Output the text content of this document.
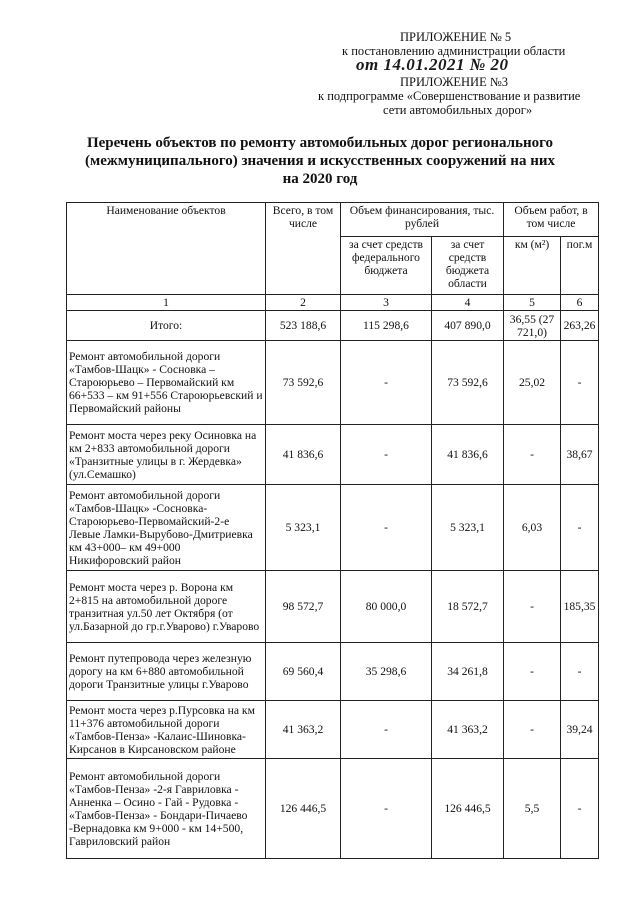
ПРИЛОЖЕНИЕ № 5
к постановлению администрации области
от 14.01.2021 № 20
ПРИЛОЖЕНИЕ №3
к подпрограмме «Совершенствование и развитие
сети автомобильных дорог»
Перечень объектов по ремонту автомобильных дорог регионального
(межмуниципального) значения и искусственных сооружений на них
на 2020 год
Наименование объектов	Всего, в том числе	Объем финансирования, тыс. рублей		Объем работ, в том числе	
		за счет средств федерального бюджета	за счет средств бюджета области	км (м²)	пог.м
1	2	3	4	5	6
Итого:	523 188,6	115 298,6	407 890,0	36,55 (27 721,0)	263,26
Ремонт автомобильной дороги «Тамбов-Шацк» - Сосновка – Староюрьево – Первомайский км 66+533 – км 91+556 Староюрьевский и Первомайский районы	73 592,6	-	73 592,6	25,02	-
Ремонт моста через реку Осиновка на км 2+833 автомобильной дороги «Транзитные улицы в г. Жердевка» (ул.Семашко)	41 836,6	-	41 836,6	-	38,67
Ремонт автомобильной дороги «Тамбов-Шацк» -Сосновка-Староюрьево-Первомайский-2-е Левые Ламки-Вырубово-Дмитриевка км 43+000– км 49+000 Никифоровский район	5 323,1	-	5 323,1	6,03	-
Ремонт моста через р. Ворона км 2+815 на автомобильной дороге транзитная ул.50 лет Октября (от ул.Базарной до гр.г.Уварово) г.Уварово	98 572,7	80 000,0	18 572,7	-	185,35
Ремонт путепровода через железную дорогу на км 6+880 автомобильной дороги Транзитные улицы г.Уварово	69 560,4	35 298,6	34 261,8	-	-
Ремонт моста через р.Пурсовка на км 11+376 автомобильной дороги «Тамбов-Пенза» -Калаис-Шиновка-Кирсанов в Кирсановском районе	41 363,2	-	41 363,2	-	39,24
Ремонт автомобильной дороги «Тамбов-Пенза» -2-я Гавриловка - Анненка – Осино - Гай - Рудовка - «Тамбов-Пенза» - Бондари-Пичаево -Вернадовка км 9+000 - км 14+500, Гавриловский район	126 446,5	-	126 446,5	5,5	-
